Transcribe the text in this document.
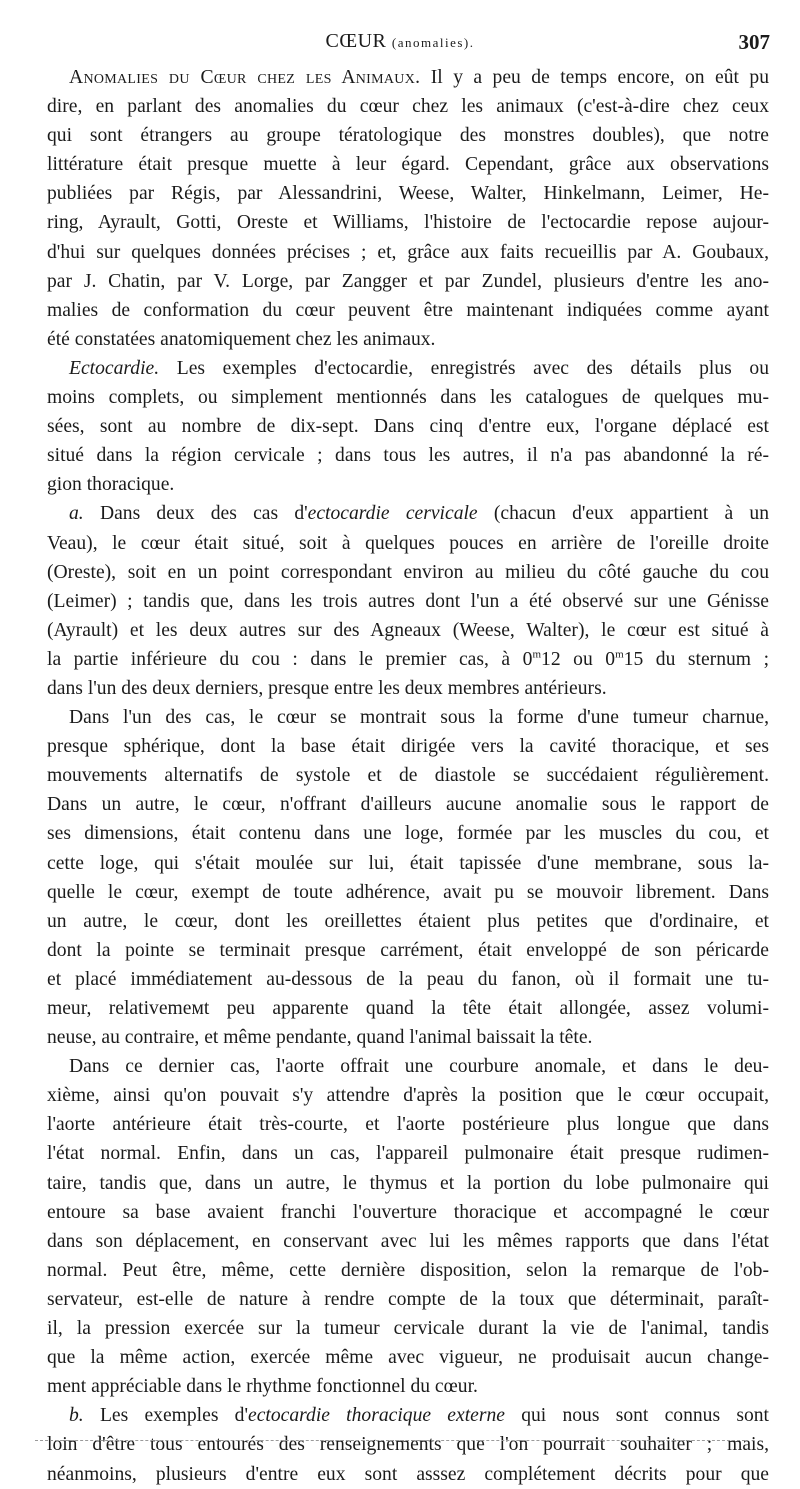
CŒUR (anomalies).	307

Anomalies du Cœur chez les Animaux. Il y a peu de temps encore, on eût pu
dire, en parlant des anomalies du cœur chez les animaux (c'est-à-dire chez ceux
qui sont étrangers au groupe tératologique des monstres doubles), que notre
littérature était presque muette à leur égard. Cependant, grâce aux observations
publiées par Régis, par Alessandrini, Weese, Walter, Hinkelmann, Leimer, He-
ring, Ayrault, Gotti, Oreste et Williams, l'histoire de l'ectocardie repose aujour-
d'hui sur quelques données précises ; et, grâce aux faits recueillis par A. Goubaux,
par J. Chatin, par V. Lorge, par Zangger et par Zundel, plusieurs d'entre les ano-
malies de conformation du cœur peuvent être maintenant indiquées comme ayant
été constatées anatomiquement chez les animaux.

Ectocardie. Les exemples d'ectocardie, enregistrés avec des détails plus ou
moins complets, ou simplement mentionnés dans les catalogues de quelques mu-
sées, sont au nombre de dix-sept. Dans cinq d'entre eux, l'organe déplacé est
situé dans la région cervicale ; dans tous les autres, il n'a pas abandonné la ré-
gion thoracique.

a. Dans deux des cas d'ectocardie cervicale (chacun d'eux appartient à un
Veau), le cœur était situé, soit à quelques pouces en arrière de l'oreille droite
(Oreste), soit en un point correspondant environ au milieu du côté gauche du cou
(Leimer) ; tandis que, dans les trois autres dont l'un a été observé sur une Génisse
(Ayrault) et les deux autres sur des Agneaux (Weese, Walter), le cœur est situé à
la partie inférieure du cou : dans le premier cas, à 0$^m$12 ou 0$^m$15 du sternum ;
dans l'un des deux derniers, presque entre les deux membres antérieurs.

Dans l'un des cas, le cœur se montrait sous la forme d'une tumeur charnue,
presque sphérique, dont la base était dirigée vers la cavité thoracique, et ses
mouvements alternatifs de systole et de diastole se succédaient régulièrement.
Dans un autre, le cœur, n'offrant d'ailleurs aucune anomalie sous le rapport de
ses dimensions, était contenu dans une loge, formée par les muscles du cou, et
cette loge, qui s'était moulée sur lui, était tapissée d'une membrane, sous la-
quelle le cœur, exempt de toute adhérence, avait pu se mouvoir librement. Dans
un autre, le cœur, dont les oreillettes étaient plus petites que d'ordinaire, et
dont la pointe se terminait presque carrément, était enveloppé de son péricarde
et placé immédiatement au-dessous de la peau du fanon, où il formait une tu-
meur, relativemeмt peu apparente quand la tête était allongée, assez volumi-
neuse, au contraire, et même pendante, quand l'animal baissait la tête.

Dans ce dernier cas, l'aorte offrait une courbure anomale, et dans le deu-
xième, ainsi qu'on pouvait s'y attendre d'après la position que le cœur occupait,
l'aorte antérieure était très-courte, et l'aorte postérieure plus longue que dans
l'état normal. Enfin, dans un cas, l'appareil pulmonaire était presque rudimen-
taire, tandis que, dans un autre, le thymus et la portion du lobe pulmonaire qui
entoure sa base avaient franchi l'ouverture thoracique et accompagné le cœur
dans son déplacement, en conservant avec lui les mêmes rapports que dans l'état
normal. Peut être, même, cette dernière disposition, selon la remarque de l'ob-
servateur, est-elle de nature à rendre compte de la toux que déterminait, paraît-
il, la pression exercée sur la tumeur cervicale durant la vie de l'animal, tandis
que la même action, exercée même avec vigueur, ne produisait aucun change-
ment appréciable dans le rhythme fonctionnel du cœur.

b. Les exemples d'ectocardie thoracique externe qui nous sont connus sont
loin d'être tous entourés des renseignements que l'on pourrait souhaiter ; mais,
néanmoins, plusieurs d'entre eux sont asssez complétement décrits pour que
